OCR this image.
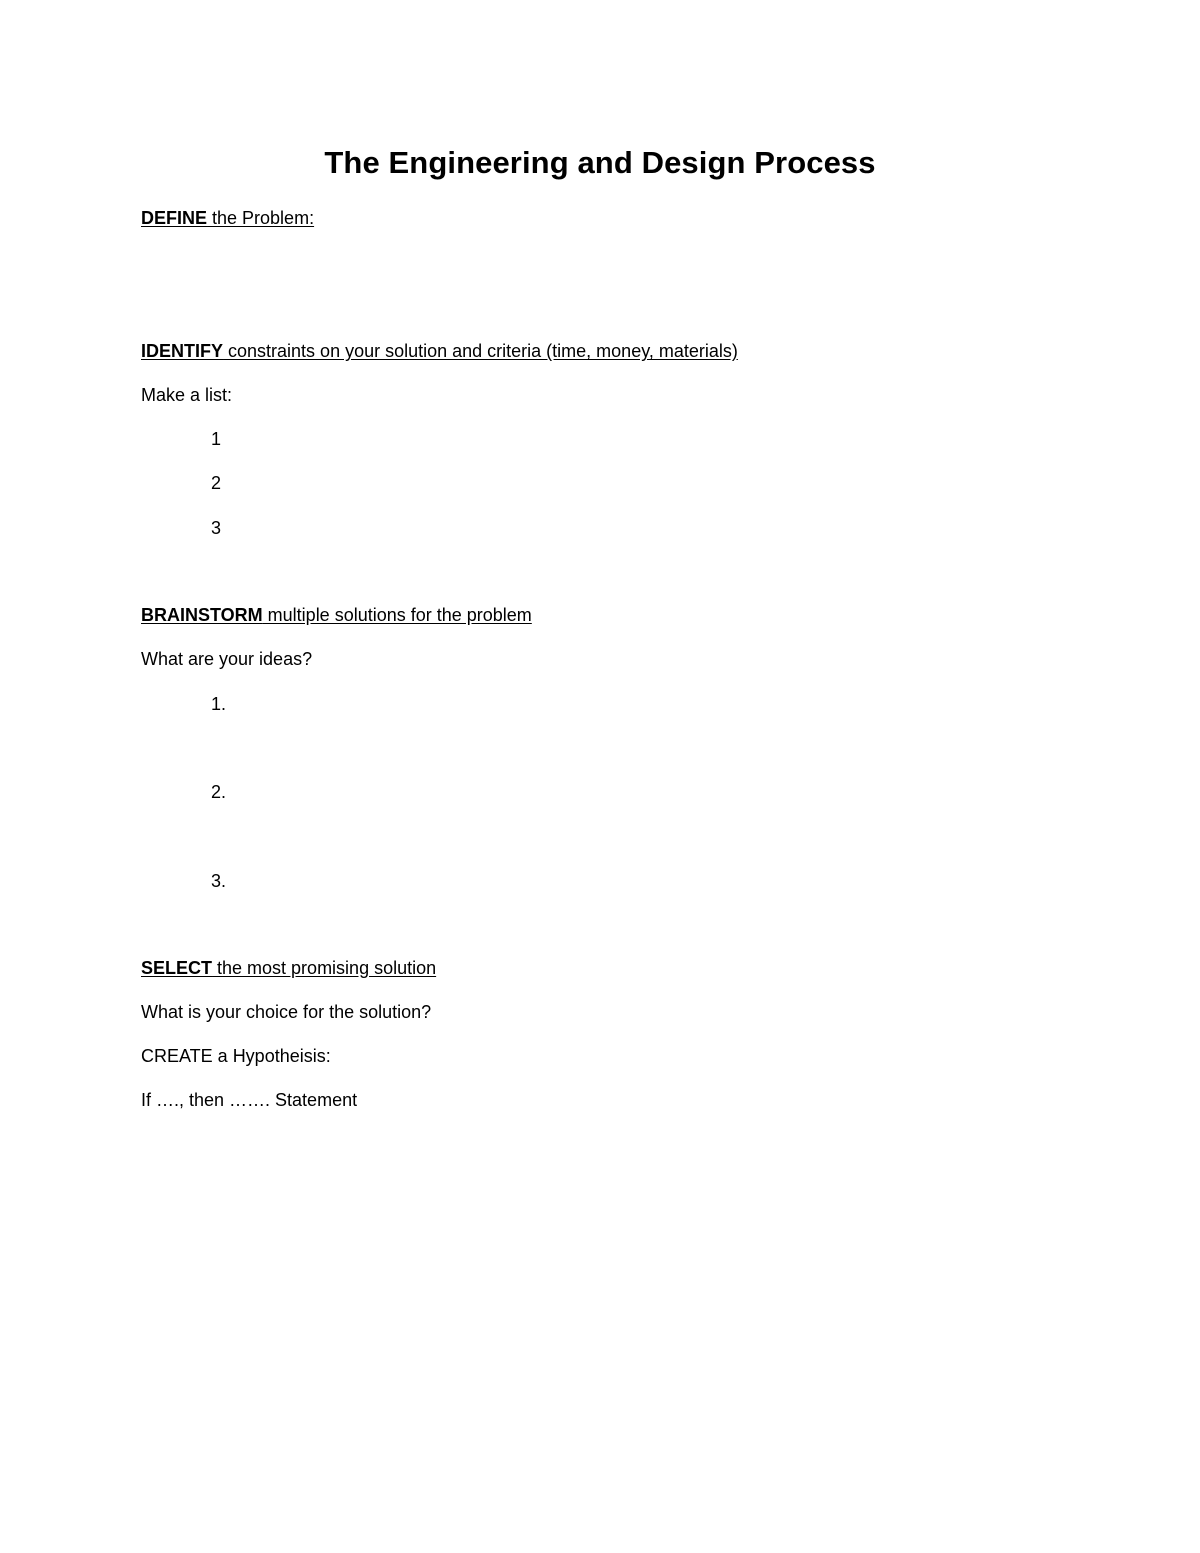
The Engineering and Design Process
DEFINE the Problem:
IDENTIFY constraints on your solution and criteria (time, money, materials)
Make a list:
1
2
3
BRAINSTORM multiple solutions for the problem
What are your ideas?
1.
2.
3.
SELECT the most promising solution
What is your choice for the solution?
CREATE a Hypotheisis:
If …., then ……. Statement
